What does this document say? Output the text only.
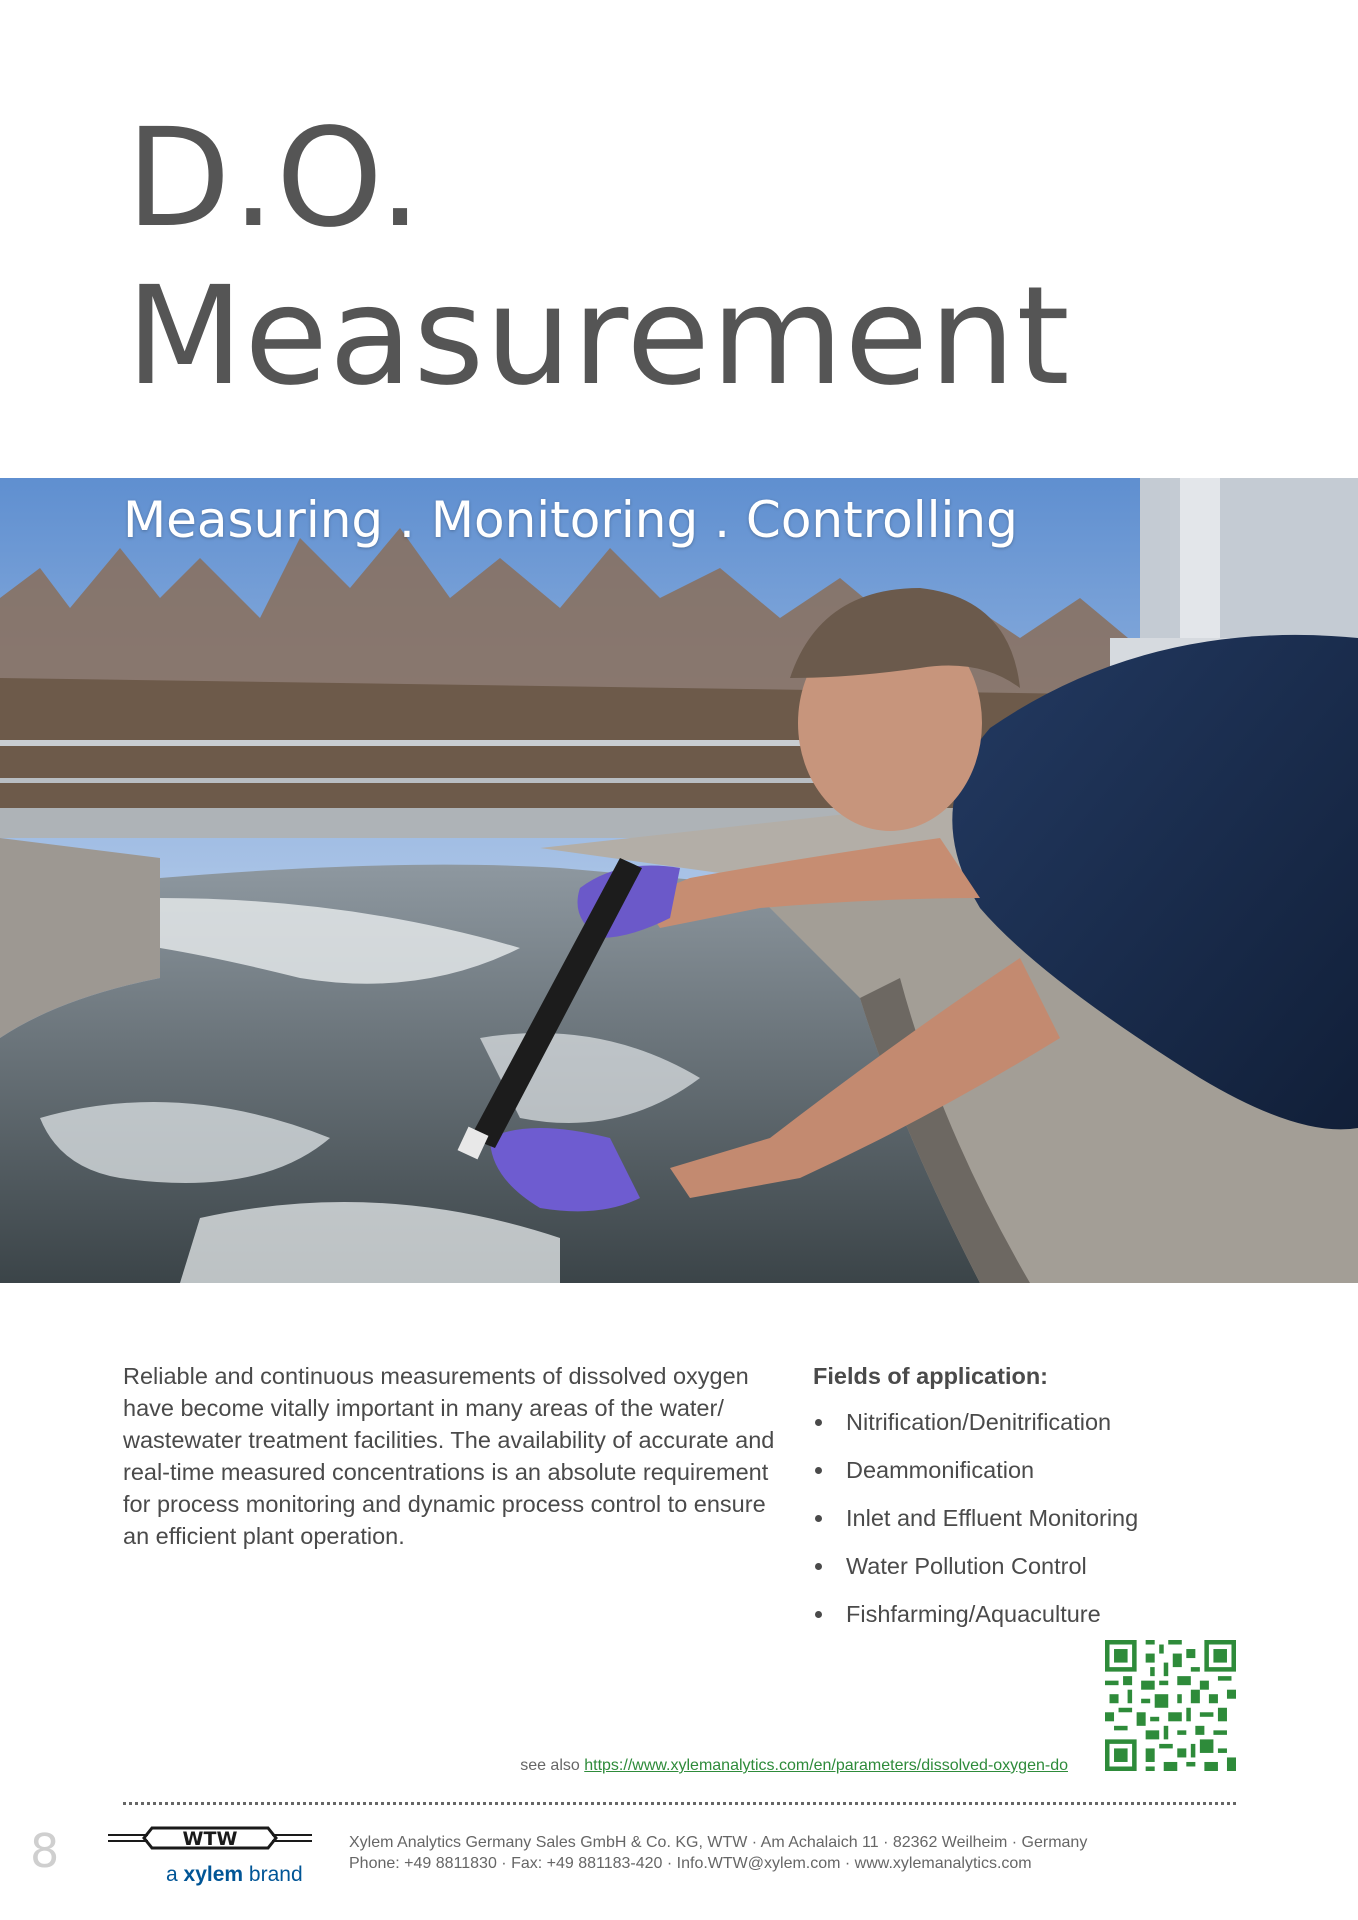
D.O.
Measurement
Measuring . Monitoring . Controlling

Reliable and continuous measurements of dissolved oxygen have become vitally important in many areas of the water/ wastewater treatment facilities. The availability of accurate and real-time measured concentrations is an absolute requirement for process monitoring and dynamic process control to ensure an efficient plant operation.

Fields of application:
Nitrification/Denitrification
Deammonification
Inlet and Effluent Monitoring
Water Pollution Control
Fishfarming/Aquaculture
see also https://www.xylemanalytics.com/en/parameters/dissolved-oxygen-do
8	WTW
a xylem brand
Xylem Analytics Germany Sales GmbH & Co. KG, WTW · Am Achalaich 11 · 82362 Weilheim · Germany
Phone: +49 8811830 · Fax: +49 881183-420 · Info.WTW@xylem.com · www.xylemanalytics.com
